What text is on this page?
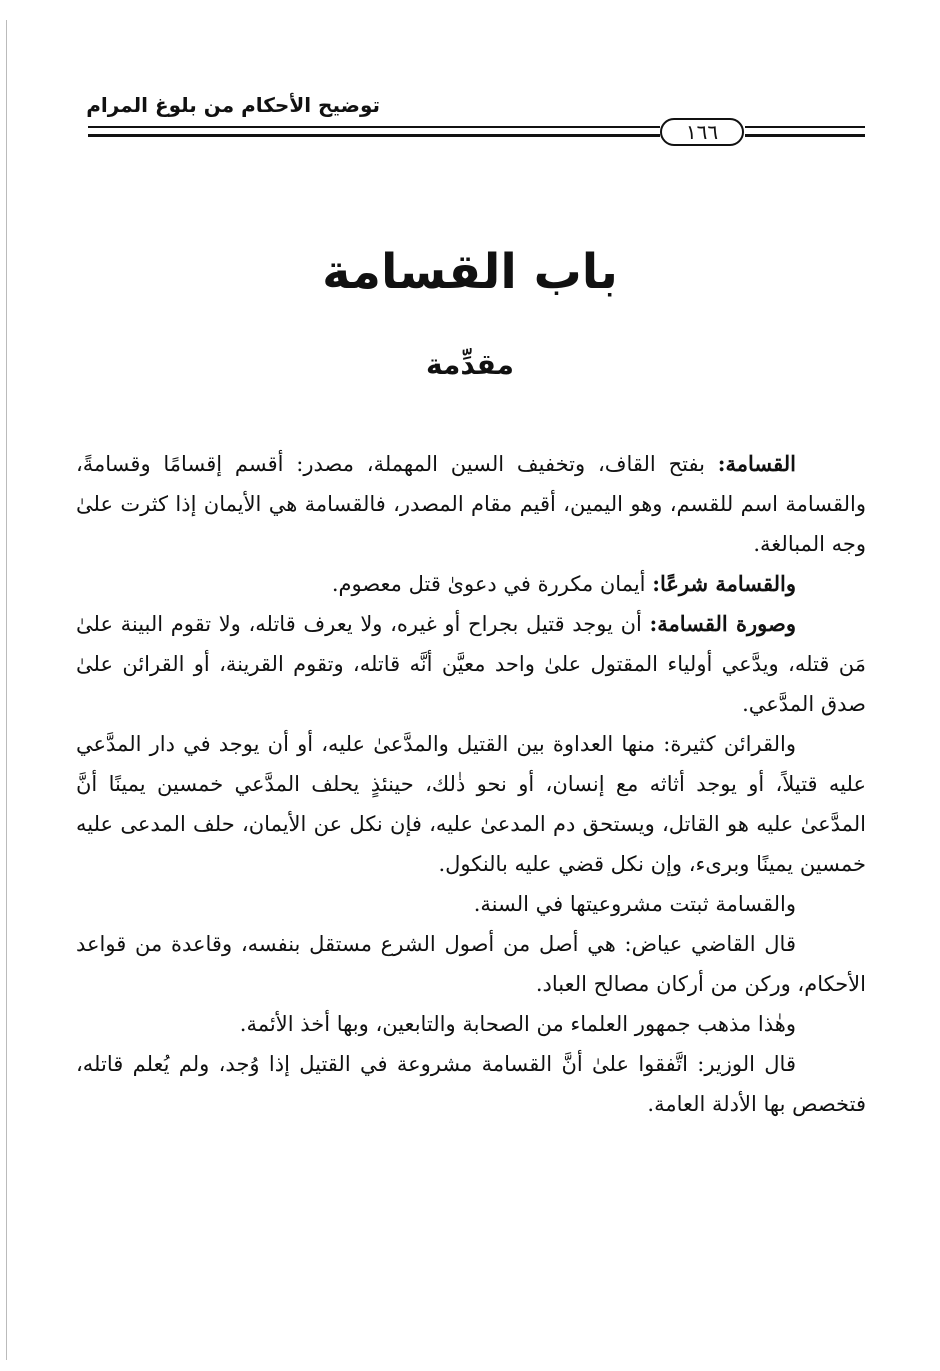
توضيح الأحكام من بلوغ المرام
١٦٦
باب القسامة
مقدِّمة

القسامة: بفتح القاف، وتخفيف السين المهملة، مصدر: أقسم إقسامًا وقسامةً، والقسامة اسم للقسم، وهو اليمين، أقيم مقام المصدر، فالقسامة هي الأيمان إذا كثرت علىٰ وجه المبالغة.

والقسامة شرعًا: أيمان مكررة في دعوىٰ قتل معصوم.

وصورة القسامة: أن يوجد قتيل بجراح أو غيره، ولا يعرف قاتله، ولا تقوم البينة علىٰ مَن قتله، ويدَّعي أولياء المقتول علىٰ واحد معيَّن أنَّه قاتله، وتقوم القرينة، أو القرائن علىٰ صدق المدَّعي.

والقرائن كثيرة: منها العداوة بين القتيل والمدَّعىٰ عليه، أو أن يوجد في دار المدَّعي عليه قتيلاً، أو يوجد أثاثه مع إنسان، أو نحو ذٰلك، حينئذٍ يحلف المدَّعي خمسين يمينًا أنَّ المدَّعىٰ عليه هو القاتل، ويستحق دم المدعىٰ عليه، فإن نكل عن الأيمان، حلف المدعى عليه خمسين يمينًا وبرىء، وإن نكل قضي عليه بالنكول.

والقسامة ثبتت مشروعيتها في السنة.

قال القاضي عياض: هي أصل من أصول الشرع مستقل بنفسه، وقاعدة من قواعد الأحكام، وركن من أركان مصالح العباد.

وهٰذا مذهب جمهور العلماء من الصحابة والتابعين، وبها أخذ الأئمة.

قال الوزير: اتَّفقوا علىٰ أنَّ القسامة مشروعة في القتيل إذا وُجد، ولم يُعلم قاتله، فتخصص بها الأدلة العامة.
